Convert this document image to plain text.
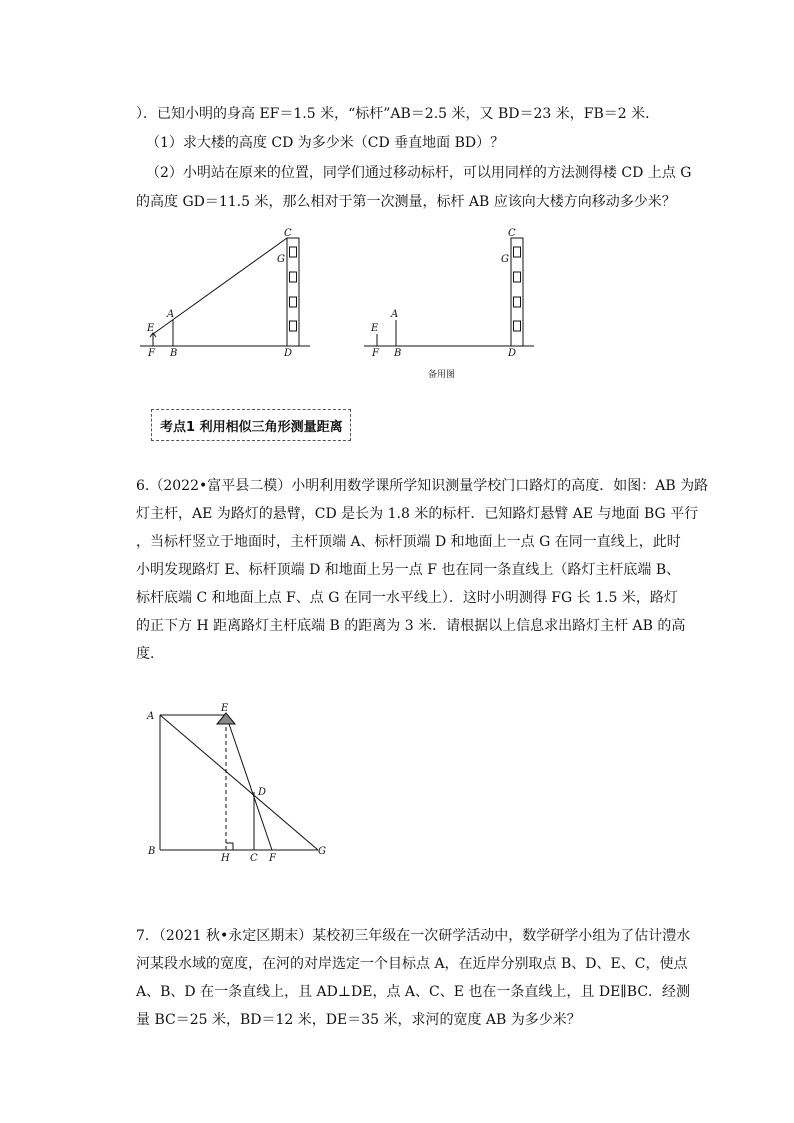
）．已知小明的身高 EF＝1.5 米，“标杆”AB＝2.5 米，又 BD＝23 米，FB＝2 米．
（1）求大楼的高度 CD 为多少米（CD 垂直地面 BD）？
（2）小明站在原来的位置，同学们通过移动标杆，可以用同样的方法测得楼 CD 上点 G
的高度 GD＝11.5 米，那么相对于第一次测量，标杆 AB 应该向大楼方向移动多少米？
C
G
A
E
F B	D
C
G
A
E
F B	D
备用图
考点1 利用相似三角形测量距离
6.（2022•富平县二模）小明利用数学课所学知识测量学校门口路灯的高度．如图：AB 为路
灯主杆，AE 为路灯的悬臂，CD 是长为 1.8 米的标杆．已知路灯悬臂 AE 与地面 BG 平行
，当标杆竖立于地面时，主杆顶端 A、标杆顶端 D 和地面上一点 G 在同一直线上，此时
小明发现路灯 E、标杆顶端 D 和地面上另一点 F 也在同一条直线上（路灯主杆底端 B、
标杆底端 C 和地面上点 F、点 G 在同一水平线上）．这时小明测得 FG 长 1.5 米，路灯
的正下方 H 距离路灯主杆底端 B 的距离为 3 米．请根据以上信息求出路灯主杆 AB 的高
度．
A
E
D
B
H C F
G
7．（2021 秋•永定区期末）某校初三年级在一次研学活动中，数学研学小组为了估计澧水
河某段水域的宽度，在河的对岸选定一个目标点 A，在近岸分别取点 B、D、E、C，使点
A、B、D 在一条直线上，且 AD⊥DE，点 A、C、E 也在一条直线上，且 DE∥BC．经测
量 BC＝25 米，BD＝12 米，DE＝35 米，求河的宽度 AB 为多少米？
